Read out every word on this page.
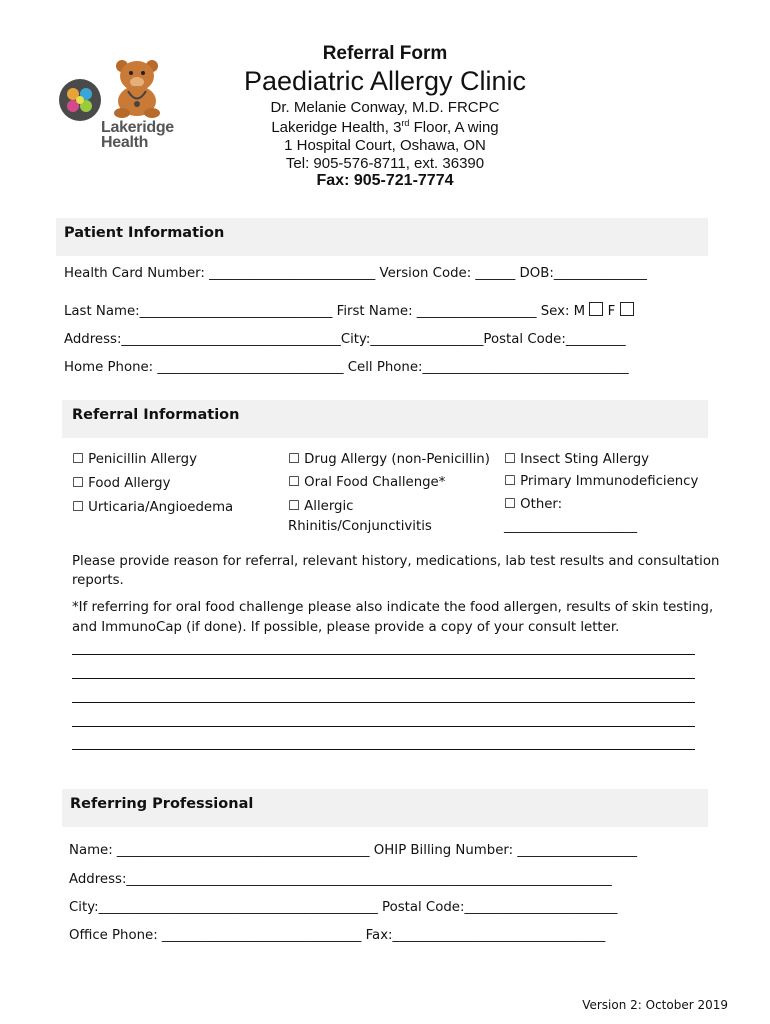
Lakeridge
Health
Referral Form
Paediatric Allergy Clinic
Dr. Melanie Conway, M.D. FRCPC
Lakeridge Health, 3rd Floor, A wing
1 Hospital Court, Oshawa, ON
Tel: 905-576-8711, ext. 36390
Fax: 905-721-7774
Patient Information
Health Card Number: _________________________ Version Code: ______ DOB:______________
Last Name:_____________________________ First Name: __________________ Sex: M F
Address:_________________________________City:_________________Postal Code:_________
Home Phone: ____________________________ Cell Phone:_______________________________
Referral Information
☐ Penicillin Allergy
☐ Food Allergy
☐ Urticaria/Angioedema
☐ Drug Allergy (non-Penicillin)
☐ Oral Food Challenge*
☐ Allergic
Rhinitis/Conjunctivitis
☐ Insect Sting Allergy
☐ Primary Immunodeficiency
☐ Other:
____________________
Please provide reason for referral, relevant history, medications, lab test results and consultation
reports.
*If referring for oral food challenge please also indicate the food allergen, results of skin testing,
and ImmunoCap (if done). If possible, please provide a copy of your consult letter.
Referring Professional
Name: ______________________________________ OHIP Billing Number: __________________
Address:_________________________________________________________________________
City:__________________________________________ Postal Code:_______________________
Office Phone: ______________________________ Fax:________________________________
Version 2: October 2019
